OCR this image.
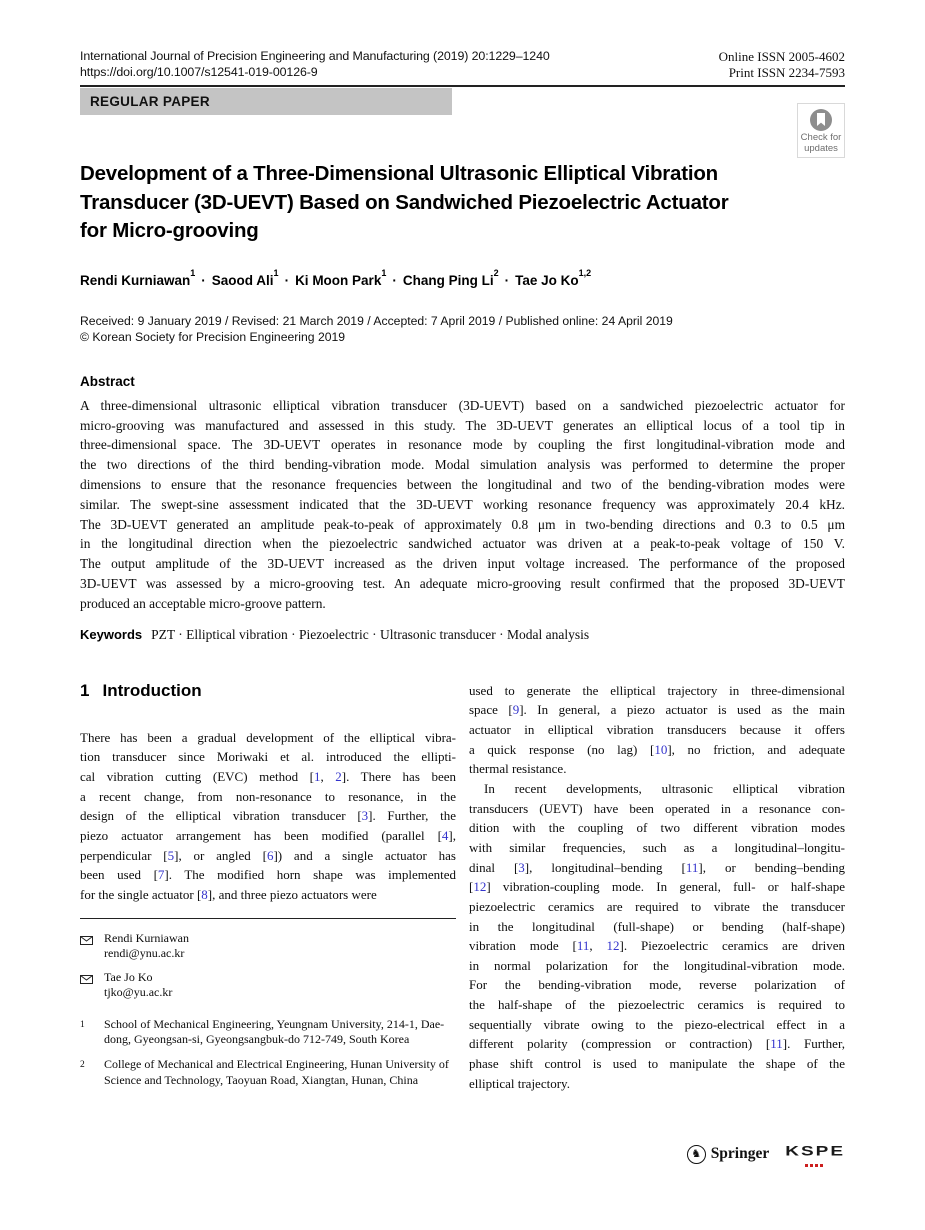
International Journal of Precision Engineering and Manufacturing (2019) 20:1229–1240
https://doi.org/10.1007/s12541-019-00126-9
Online ISSN 2005-4602
Print ISSN 2234-7593
REGULAR PAPER
Check for
updates
Development of a Three-Dimensional Ultrasonic Elliptical Vibration
Transducer (3D-UEVT) Based on Sandwiched Piezoelectric Actuator
for Micro-grooving
Rendi Kurniawan$^1$· Saood Ali$^1$· Ki Moon Park$^1$· Chang Ping $Li^2\cdot$ Tae Jo Ko$^{1,2}$
Received: 9 January 2019 / Revised: 21 March 2019 / Accepted: 7 April 2019 / Published online: 24 April 2019
© Korean Society for Precision Engineering 2019
Abstract
A three-dimensional ultrasonic elliptical vibration transducer (3D-UEVT) based on a sandwiched piezoelectric actuator for
micro-grooving was manufactured and assessed in this study. The 3D-UEVT generates an elliptical locus of a tool tip in
three-dimensional space. The 3D-UEVT operates in resonance mode by coupling the first longitudinal-vibration mode and
the two directions of the third bending-vibration mode. Modal simulation analysis was performed to determine the proper
dimensions to ensure that the resonance frequencies between the longitudinal and two of the bending-vibration modes were
similar. The swept-sine assessment indicated that the 3D-UEVT working resonance frequency was approximately 20.4 kHz.
The 3D-UEVT generated an amplitude peak-to-peak of approximately 0.8 μm in two-bending directions and 0.3 to 0.5 μm
in the longitudinal direction when the piezoelectric sandwiched actuator was driven at a peak-to-peak voltage of 150 V.
The output amplitude of the 3D-UEVT increased as the driven input voltage increased. The performance of the proposed
3D-UEVT was assessed by a micro-grooving test. An adequate micro-grooving result confirmed that the proposed 3D-UEVT
produced an acceptable micro-groove pattern.
Keywords PZT · Elliptical vibration · Piezoelectric · Ultrasonic transducer · Modal analysis
1 Introduction
There has been a gradual development of the elliptical vibra-
tion transducer since Moriwaki et al. introduced the ellipti-
cal vibration cutting (EVC) method [1, 2]. There has been
a recent change, from non-resonance to resonance, in the
design of the elliptical vibration transducer [3]. Further, the
piezo actuator arrangement has been modified (parallel [4],
perpendicular [5], or angled [6]) and a single actuator has
been used [7]. The modified horn shape was implemented
for the single actuator [8], and three piezo actuators were
Rendi Kurniawan
rendi@ynu.ac.kr
Tae Jo Ko
tjko@yu.ac.kr
1	School of Mechanical Engineering, Yeungnam University, 214-1, Dae-dong, Gyeongsan-si, Gyeongsangbuk-do 712-749, South Korea
2	College of Mechanical and Electrical Engineering, Hunan University of Science and Technology, Taoyuan Road, Xiangtan, Hunan, China
used to generate the elliptical trajectory in three-dimensional
space [9]. In general, a piezo actuator is used as the main
actuator in elliptical vibration transducers because it offers
a quick response (no lag) [10], no friction, and adequate
thermal resistance.
In recent developments, ultrasonic elliptical vibration
transducers (UEVT) have been operated in a resonance con-
dition with the coupling of two different vibration modes
with similar frequencies, such as a longitudinal–longitu-
dinal [3], longitudinal–bending [11], or bending–bending
[12] vibration-coupling mode. In general, full- or half-shape
piezoelectric ceramics are required to vibrate the transducer
in the longitudinal (full-shape) or bending (half-shape)
vibration mode [11, 12]. Piezoelectric ceramics are driven
in normal polarization for the longitudinal-vibration mode.
For the bending-vibration mode, reverse polarization of
the half-shape of the piezoelectric ceramics is required to
sequentially vibrate owing to the piezo-electrical effect in a
different polarity (compression or contraction) [11]. Further,
phase shift control is used to manipulate the shape of the
elliptical trajectory.
♞ Springer KSPE
